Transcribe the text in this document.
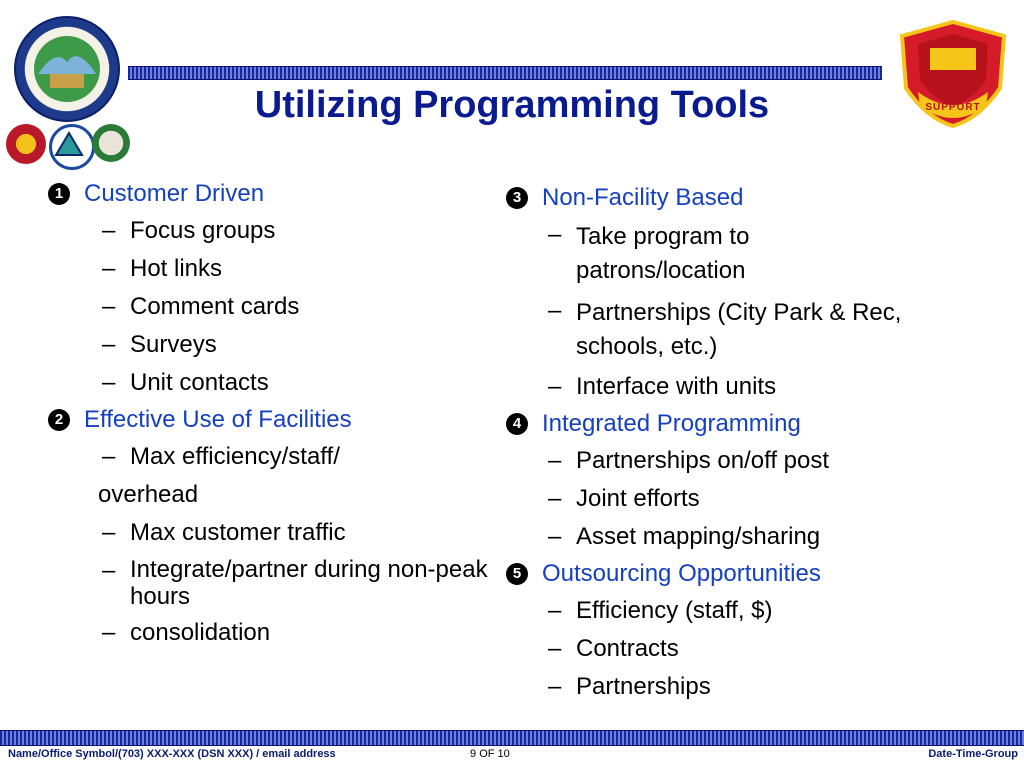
SUPPORT
Utilizing Programming Tools
1 Customer Driven
– Focus groups
– Hot links
– Comment cards
– Surveys
– Unit contacts
2 Effective Use of Facilities
– Max efficiency/staff/
overhead
– Max customer traffic
– Integrate/partner during non-peak hours
– consolidation
3 Non-Facility Based
– Take program to patrons/location
– Partnerships (City Park & Rec, schools, etc.)
– Interface with units
4 Integrated Programming
– Partnerships on/off post
– Joint efforts
– Asset mapping/sharing
5 Outsourcing Opportunities
– Efficiency (staff, $)
– Contracts
– Partnerships
Name/Office Symbol/(703) XXX-XXX (DSN XXX) / email address	9 OF 10	Date-Time-Group
